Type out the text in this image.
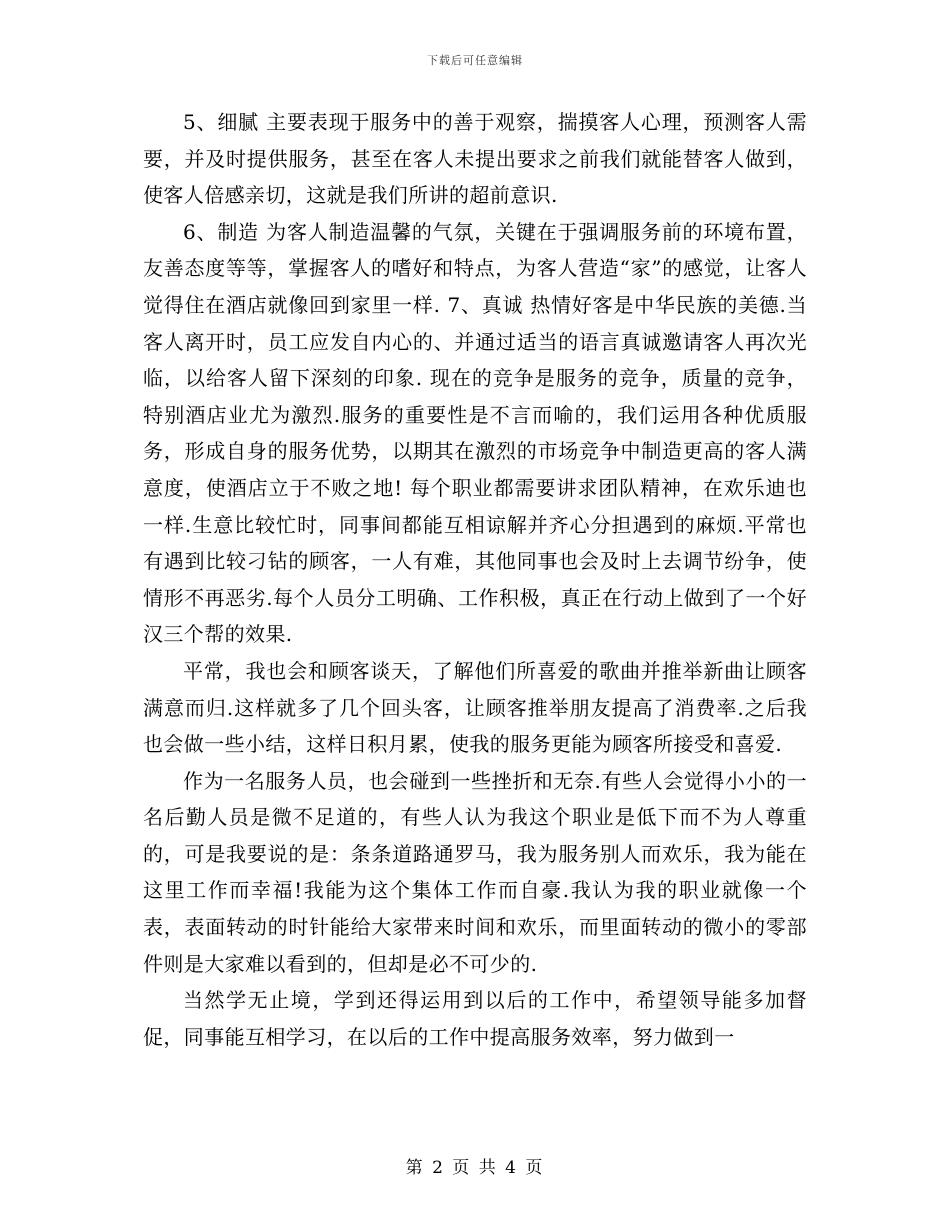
下载后可任意编辑

5、细腻 主要表现于服务中的善于观察，揣摸客人心理，预测客人需要，并及时提供服务，甚至在客人未提出要求之前我们就能替客人做到，使客人倍感亲切，这就是我们所讲的超前意识.

6、制造 为客人制造温馨的气氛，关键在于强调服务前的环境布置，友善态度等等，掌握客人的嗜好和特点，为客人营造“家”的感觉，让客人觉得住在酒店就像回到家里一样. 7、真诚 热情好客是中华民族的美德.当客人离开时，员工应发自内心的、并通过适当的语言真诚邀请客人再次光临，以给客人留下深刻的印象. 现在的竞争是服务的竞争，质量的竞争，特别酒店业尤为激烈.服务的重要性是不言而喻的，我们运用各种优质服务，形成自身的服务优势，以期其在激烈的市场竞争中制造更高的客人满意度，使酒店立于不败之地! 每个职业都需要讲求团队精神，在欢乐迪也一样.生意比较忙时，同事间都能互相谅解并齐心分担遇到的麻烦.平常也有遇到比较刁钻的顾客，一人有难，其他同事也会及时上去调节纷争，使情形不再恶劣.每个人员分工明确、工作积极，真正在行动上做到了一个好汉三个帮的效果.

平常，我也会和顾客谈天，了解他们所喜爱的歌曲并推举新曲让顾客满意而归.这样就多了几个回头客，让顾客推举朋友提高了消费率.之后我也会做一些小结，这样日积月累，使我的服务更能为顾客所接受和喜爱.

作为一名服务人员，也会碰到一些挫折和无奈.有些人会觉得小小的一名后勤人员是微不足道的，有些人认为我这个职业是低下而不为人尊重的，可是我要说的是：条条道路通罗马，我为服务别人而欢乐，我为能在这里工作而幸福!我能为这个集体工作而自豪.我认为我的职业就像一个表，表面转动的时针能给大家带来时间和欢乐，而里面转动的微小的零部件则是大家难以看到的，但却是必不可少的.

当然学无止境，学到还得运用到以后的工作中，希望领导能多加督促，同事能互相学习，在以后的工作中提高服务效率，努力做到一

第 2 页 共 4 页
